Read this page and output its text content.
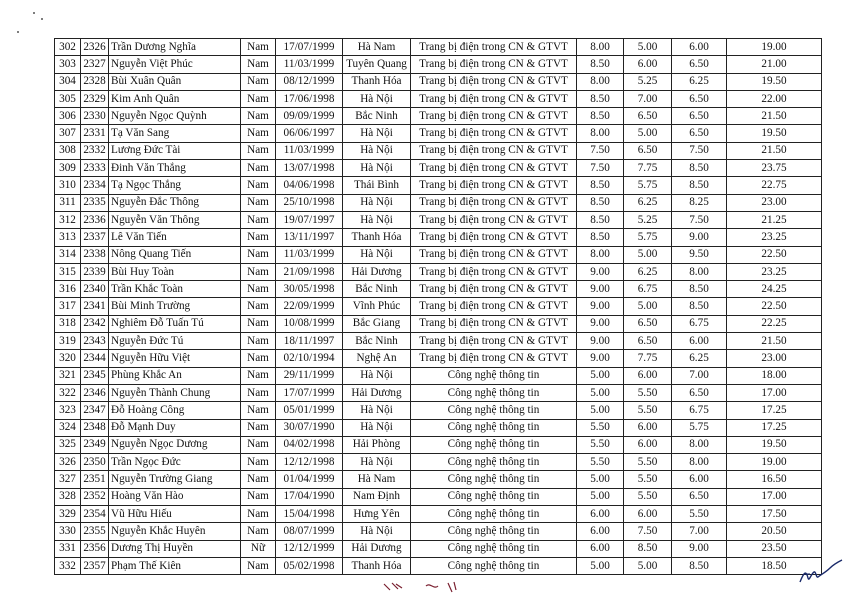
302	2326	Trần Dương Nghĩa	Nam	17/07/1999	Hà Nam	Trang bị điện trong CN & GTVT	8.00	5.00	6.00	19.00
303	2327	Nguyễn Việt Phúc	Nam	11/03/1999	Tuyên Quang	Trang bị điện trong CN & GTVT	8.50	6.00	6.50	21.00
304	2328	Bùi Xuân Quân	Nam	08/12/1999	Thanh Hóa	Trang bị điện trong CN & GTVT	8.00	5.25	6.25	19.50
305	2329	Kim Anh Quân	Nam	17/06/1998	Hà Nội	Trang bị điện trong CN & GTVT	8.50	7.00	6.50	22.00
306	2330	Nguyễn Ngọc Quỳnh	Nam	09/09/1999	Bắc Ninh	Trang bị điện trong CN & GTVT	8.50	6.50	6.50	21.50
307	2331	Tạ Văn Sang	Nam	06/06/1997	Hà Nội	Trang bị điện trong CN & GTVT	8.00	5.00	6.50	19.50
308	2332	Lương Đức Tài	Nam	11/03/1999	Hà Nội	Trang bị điện trong CN & GTVT	7.50	6.50	7.50	21.50
309	2333	Đinh Văn Thắng	Nam	13/07/1998	Hà Nội	Trang bị điện trong CN & GTVT	7.50	7.75	8.50	23.75
310	2334	Tạ Ngọc Thắng	Nam	04/06/1998	Thái Bình	Trang bị điện trong CN & GTVT	8.50	5.75	8.50	22.75
311	2335	Nguyễn Đắc Thông	Nam	25/10/1998	Hà Nội	Trang bị điện trong CN & GTVT	8.50	6.25	8.25	23.00
312	2336	Nguyễn Văn Thông	Nam	19/07/1997	Hà Nội	Trang bị điện trong CN & GTVT	8.50	5.25	7.50	21.25
313	2337	Lê Văn Tiến	Nam	13/11/1997	Thanh Hóa	Trang bị điện trong CN & GTVT	8.50	5.75	9.00	23.25
314	2338	Nông Quang Tiến	Nam	11/03/1999	Hà Nội	Trang bị điện trong CN & GTVT	8.00	5.00	9.50	22.50
315	2339	Bùi Huy Toàn	Nam	21/09/1998	Hải Dương	Trang bị điện trong CN & GTVT	9.00	6.25	8.00	23.25
316	2340	Trần Khắc Toàn	Nam	30/05/1998	Bắc Ninh	Trang bị điện trong CN & GTVT	9.00	6.75	8.50	24.25
317	2341	Bùi Minh Trường	Nam	22/09/1999	Vĩnh Phúc	Trang bị điện trong CN & GTVT	9.00	5.00	8.50	22.50
318	2342	Nghiêm Đỗ Tuấn Tú	Nam	10/08/1999	Bắc Giang	Trang bị điện trong CN & GTVT	9.00	6.50	6.75	22.25
319	2343	Nguyễn Đức Tú	Nam	18/11/1997	Bắc Ninh	Trang bị điện trong CN & GTVT	9.00	6.50	6.00	21.50
320	2344	Nguyễn Hữu Việt	Nam	02/10/1994	Nghệ An	Trang bị điện trong CN & GTVT	9.00	7.75	6.25	23.00
321	2345	Phùng Khắc An	Nam	29/11/1999	Hà Nội	Công nghệ thông tin	5.00	6.00	7.00	18.00
322	2346	Nguyễn Thành Chung	Nam	17/07/1999	Hải Dương	Công nghệ thông tin	5.00	5.50	6.50	17.00
323	2347	Đỗ Hoàng Công	Nam	05/01/1999	Hà Nội	Công nghệ thông tin	5.00	5.50	6.75	17.25
324	2348	Đỗ Mạnh Duy	Nam	30/07/1990	Hà Nội	Công nghệ thông tin	5.50	6.00	5.75	17.25
325	2349	Nguyễn Ngọc Dương	Nam	04/02/1998	Hải Phòng	Công nghệ thông tin	5.50	6.00	8.00	19.50
326	2350	Trần Ngọc Đức	Nam	12/12/1998	Hà Nội	Công nghệ thông tin	5.50	5.50	8.00	19.00
327	2351	Nguyễn Trường Giang	Nam	01/04/1999	Hà Nam	Công nghệ thông tin	5.00	5.50	6.00	16.50
328	2352	Hoàng Văn Hào	Nam	17/04/1990	Nam Định	Công nghệ thông tin	5.00	5.50	6.50	17.00
329	2354	Vũ Hữu Hiếu	Nam	15/04/1998	Hưng Yên	Công nghệ thông tin	6.00	6.00	5.50	17.50
330	2355	Nguyễn Khắc Huyên	Nam	08/07/1999	Hà Nội	Công nghệ thông tin	6.00	7.50	7.00	20.50
331	2356	Dương Thị Huyền	Nữ	12/12/1999	Hải Dương	Công nghệ thông tin	6.00	8.50	9.00	23.50
332	2357	Phạm Thế Kiên	Nam	05/02/1998	Thanh Hóa	Công nghệ thông tin	5.00	5.00	8.50	18.50
